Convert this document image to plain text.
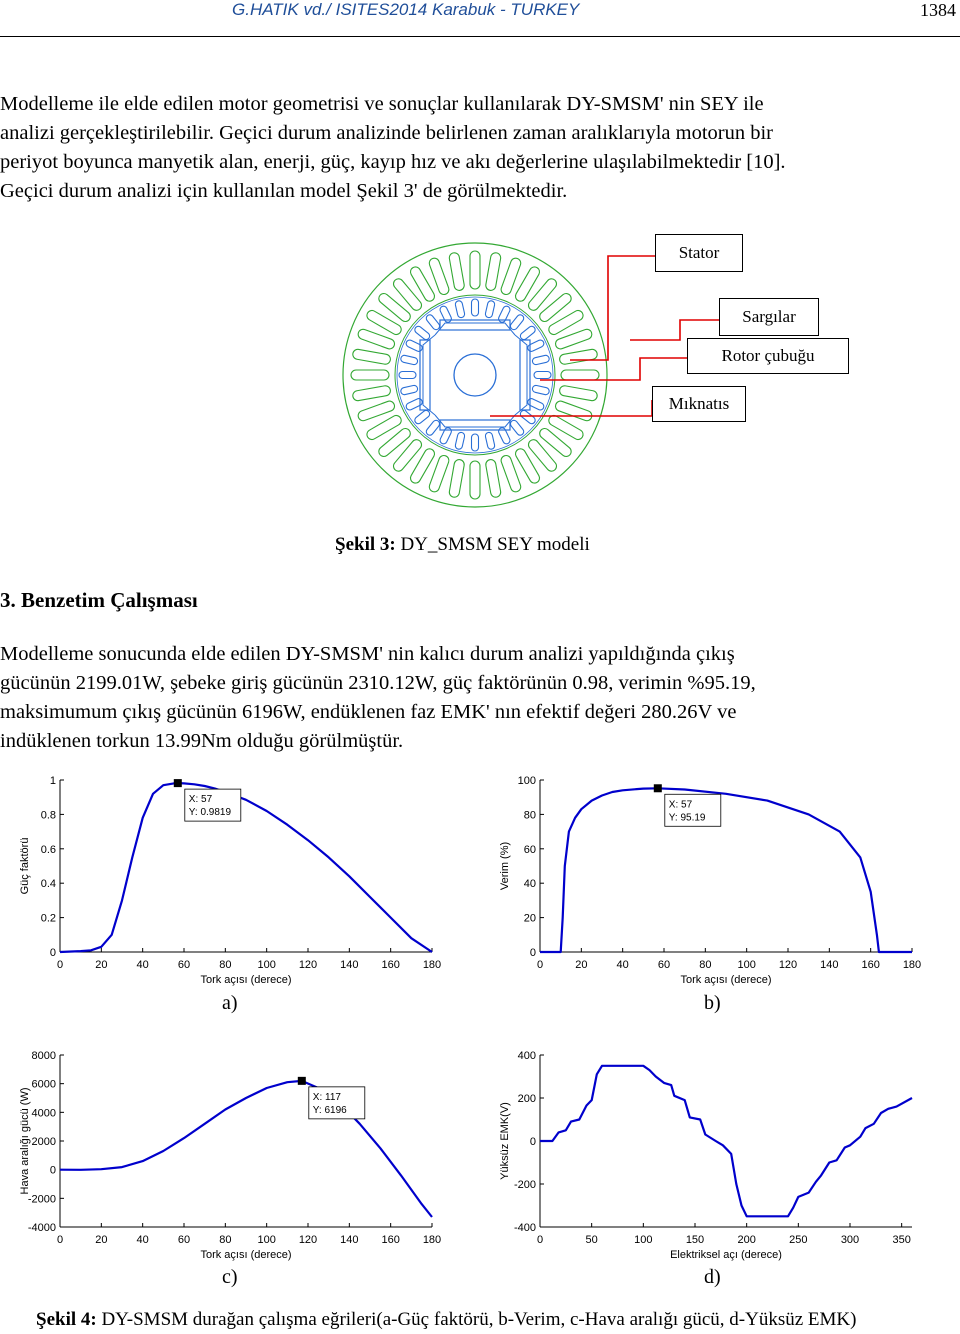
G.HATIK vd./ ISITES2014 Karabuk - TURKEY	1384
Modelleme ile elde edilen motor geometrisi ve sonuçlar kullanılarak DY-SMSM' nin SEY ile
analizi gerçekleştirilebilir. Geçici durum analizinde belirlenen zaman aralıklarıyla motorun bir
periyot boyunca manyetik alan, enerji, güç, kayıp hız ve akı değerlerine ulaşılabilmektedir [10].
Geçici durum analizi için kullanılan model Şekil 3' de görülmektedir.
Stator
Sargılar
Rotor çubuğu
Mıknatıs
Şekil 3: DY_SMSM SEY modeli
3. Benzetim Çalışması
Modelleme sonucunda elde edilen DY-SMSM' nin kalıcı durum analizi yapıldığında çıkış
gücünün 2199.01W, şebeke giriş gücünün 2310.12W, güç faktörünün 0.98, verimin %95.19,
maksimumum çıkış gücünün 6196W, endüklenen faz EMK' nın efektif değeri 280.26V ve
indüklenen torkun 13.99Nm olduğu görülmüştür.
0	20	40	60	80 100 120 140 160 180
0
0.2
0.4
0.6
0.8
1
Tork açısı (derece)
Güç faktörü
X: 57
Y: 0.9819
0	20	40	60	80 100 120 140 160 180
0
20
40
60
80
100
Tork açısı (derece)
Verim (%)
X: 57
Y: 95.19
a)	b)
0	20	40	60	80 100 120 140 160 180
-4000
-2000
0
2000
4000
6000
8000
Tork açısı (derece)
Hava aralığı gücü (W)	X: 117
Y: 6196
0	50	100	150	200	250	300	350
-400
-200
0
200
400
Elektriksel açı (derece)
Yüksüz EMK(V)
c)	d)
Şekil 4: DY-SMSM durağan çalışma eğrileri(a-Güç faktörü, b-Verim, c-Hava aralığı gücü, d-Yüksüz EMK)
